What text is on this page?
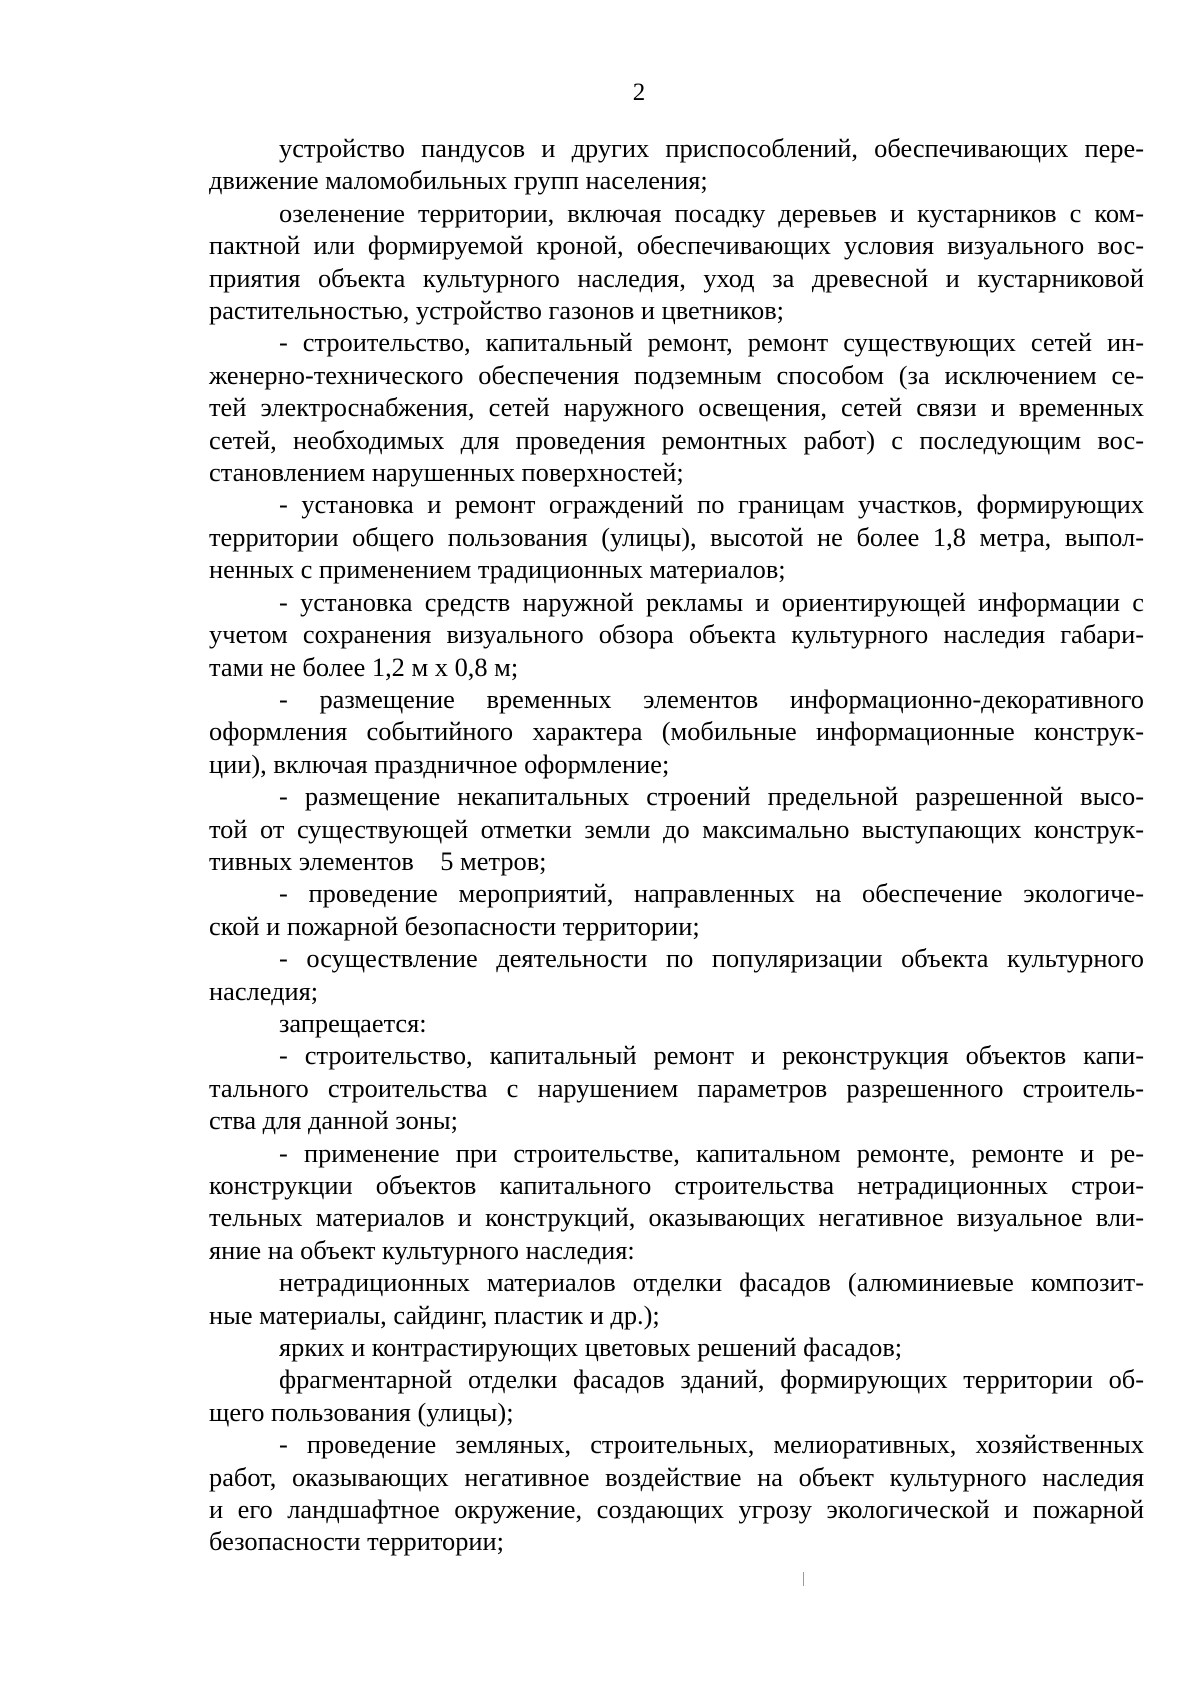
2
устройство пандусов и других приспособлений, обеспечивающих пере-
движение маломобильных групп населения;
озеленение территории, включая посадку деревьев и кустарников с ком-
пактной или формируемой кроной, обеспечивающих условия визуального вос-
приятия объекта культурного наследия, уход за древесной и кустарниковой
растительностью, устройство газонов и цветников;
- строительство, капитальный ремонт, ремонт существующих сетей ин-
женерно-технического обеспечения подземным способом (за исключением се-
тей электроснабжения, сетей наружного освещения, сетей связи и временных
сетей, необходимых для проведения ремонтных работ) с последующим вос-
становлением нарушенных поверхностей;
- установка и ремонт ограждений по границам участков, формирующих
территории общего пользования (улицы), высотой не более 1,8 метра, выпол-
ненных с применением традиционных материалов;
- установка средств наружной рекламы и ориентирующей информации с
учетом сохранения визуального обзора объекта культурного наследия габари-
тами не более 1,2 м х 0,8 м;
- размещение временных элементов информационно-декоративного
оформления событийного характера (мобильные информационные конструк-
ции), включая праздничное оформление;
- размещение некапитальных строений предельной разрешенной высо-
той от существующей отметки земли до максимально выступающих конструк-
тивных элементов    5 метров;
- проведение мероприятий, направленных на обеспечение экологиче-
ской и пожарной безопасности территории;
- осуществление деятельности по популяризации объекта культурного
наследия;
запрещается:
- строительство, капитальный ремонт и реконструкция объектов капи-
тального строительства с нарушением параметров разрешенного строитель-
ства для данной зоны;
- применение при строительстве, капитальном ремонте, ремонте и ре-
конструкции объектов капитального строительства нетрадиционных строи-
тельных материалов и конструкций, оказывающих негативное визуальное вли-
яние на объект культурного наследия:
нетрадиционных материалов отделки фасадов (алюминиевые композит-
ные материалы, сайдинг, пластик и др.);
ярких и контрастирующих цветовых решений фасадов;
фрагментарной отделки фасадов зданий, формирующих территории об-
щего пользования (улицы);
- проведение земляных, строительных, мелиоративных, хозяйственных
работ, оказывающих негативное воздействие на объект культурного наследия
и его ландшафтное окружение, создающих угрозу экологической и пожарной
безопасности территории;
